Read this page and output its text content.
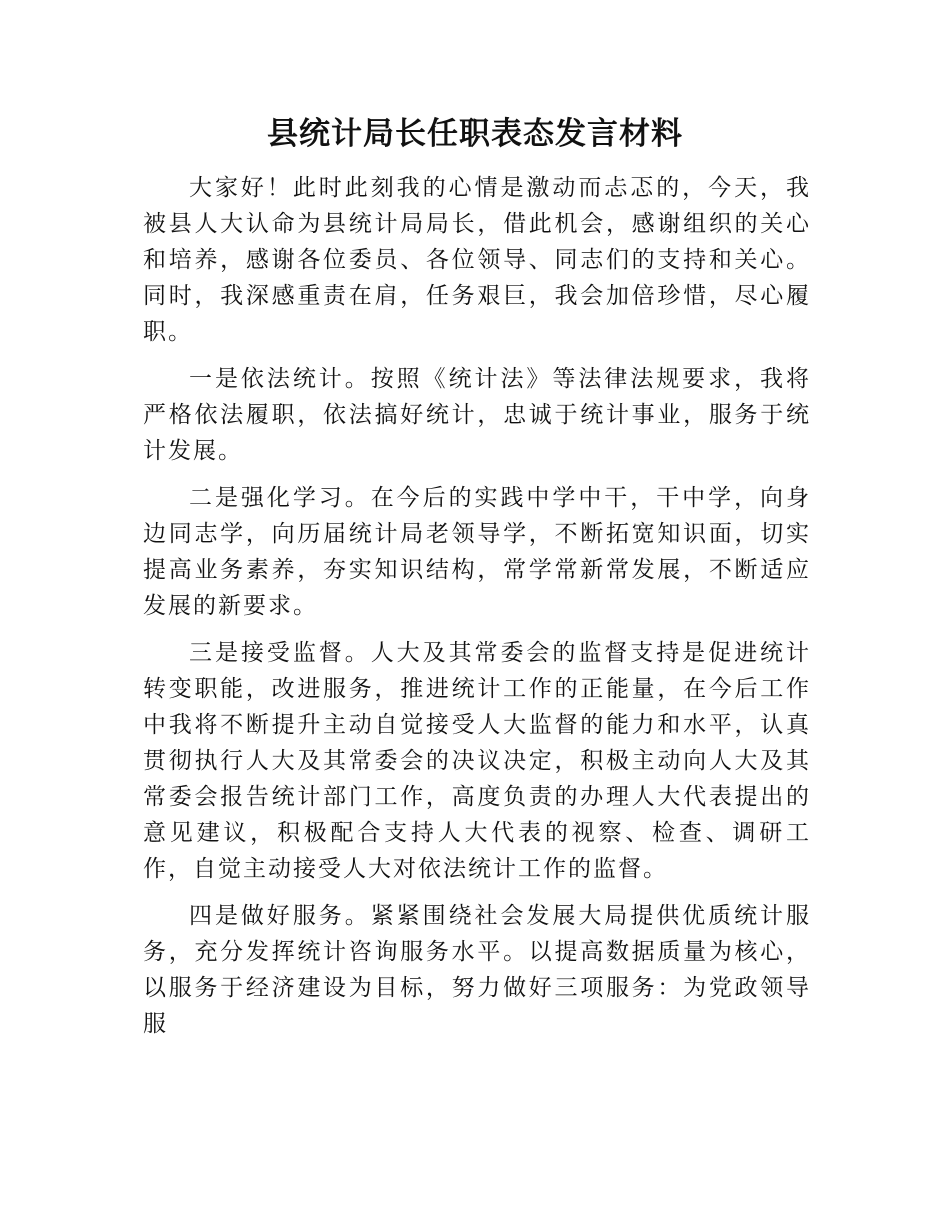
县统计局长任职表态发言材料

大家好！此时此刻我的心情是激动而忐忑的，今天，我被县人大认命为县统计局局长，借此机会，感谢组织的关心和培养，感谢各位委员、各位领导、同志们的支持和关心。同时，我深感重责在肩，任务艰巨，我会加倍珍惜，尽心履职。

一是依法统计。按照《统计法》等法律法规要求，我将严格依法履职，依法搞好统计，忠诚于统计事业，服务于统计发展。

二是强化学习。在今后的实践中学中干，干中学，向身边同志学，向历届统计局老领导学，不断拓宽知识面，切实提高业务素养，夯实知识结构，常学常新常发展，不断适应发展的新要求。

三是接受监督。人大及其常委会的监督支持是促进统计转变职能，改进服务，推进统计工作的正能量，在今后工作中我将不断提升主动自觉接受人大监督的能力和水平，认真贯彻执行人大及其常委会的决议决定，积极主动向人大及其常委会报告统计部门工作，高度负责的办理人大代表提出的意见建议，积极配合支持人大代表的视察、检查、调研工作，自觉主动接受人大对依法统计工作的监督。

四是做好服务。紧紧围绕社会发展大局提供优质统计服务，充分发挥统计咨询服务水平。以提高数据质量为核心，以服务于经济建设为目标，努力做好三项服务：为党政领导服
